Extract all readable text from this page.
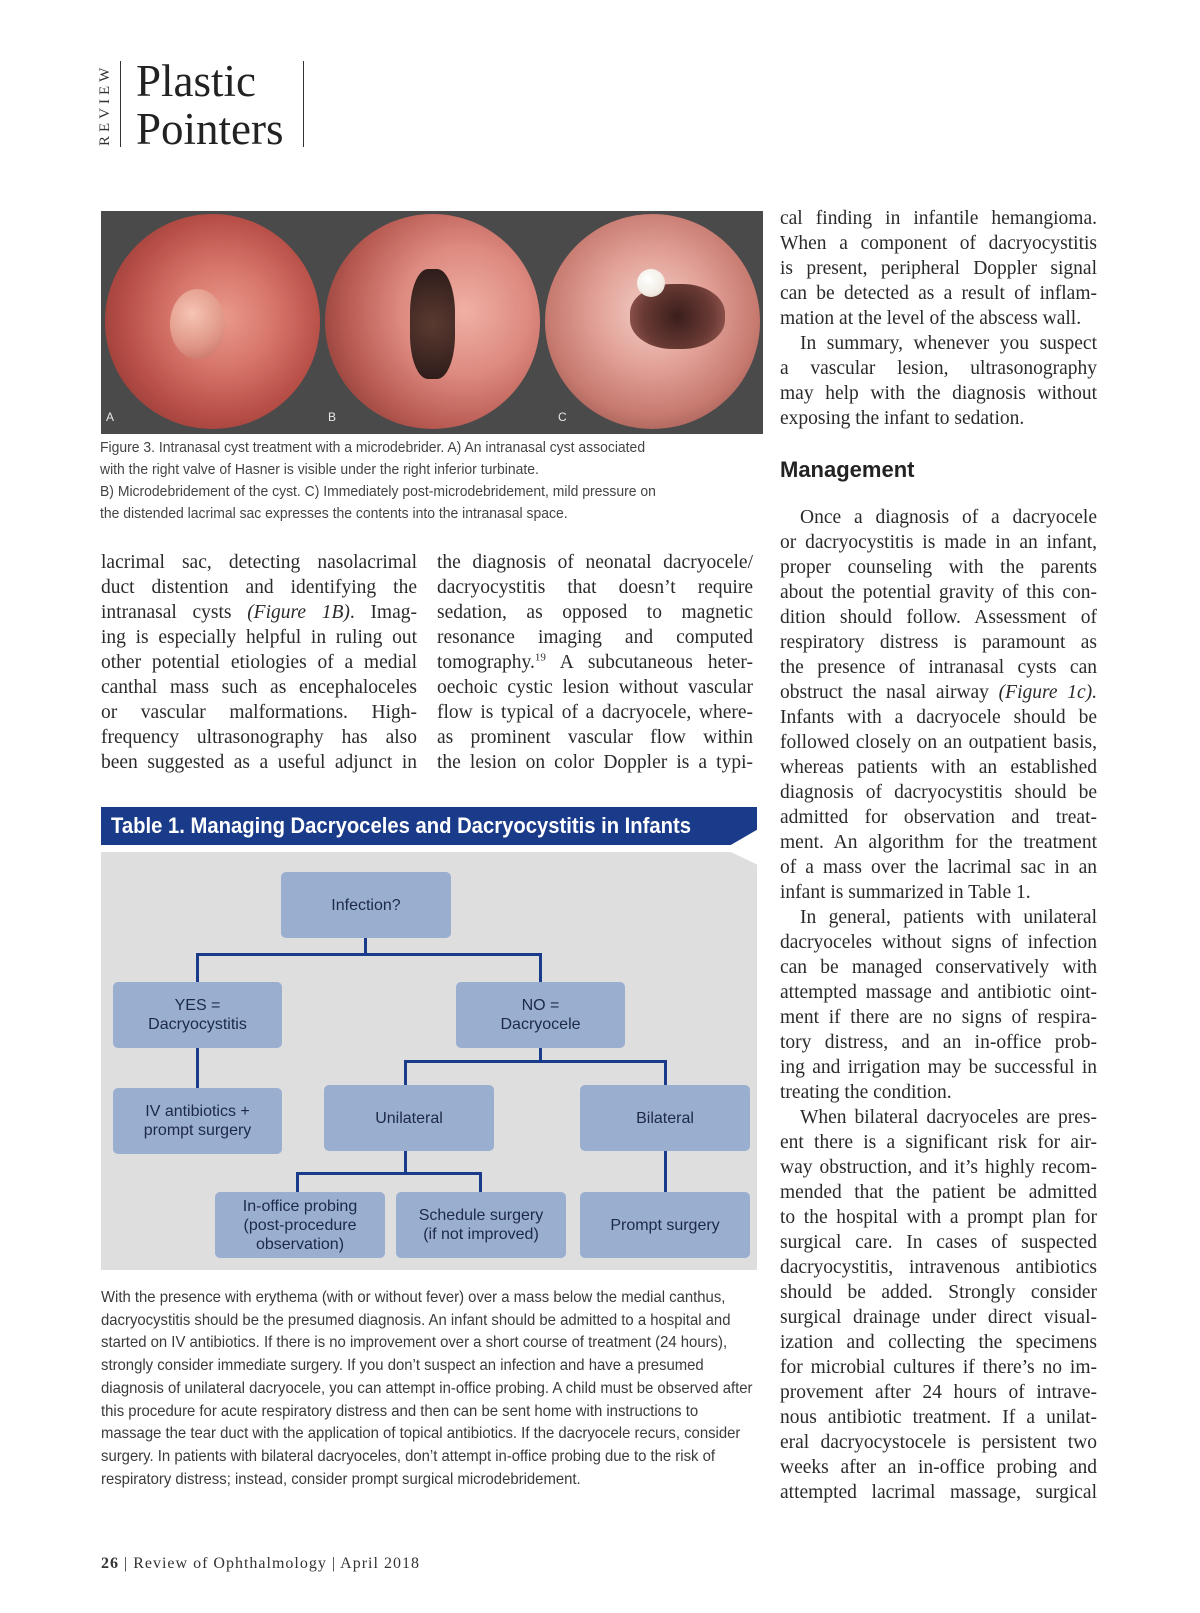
REVIEW Plastic
Pointers
A	B	C
Figure 3. Intranasal cyst treatment with a microdebrider. A) An intranasal cyst associated
with the right valve of Hasner is visible under the right inferior turbinate.
B) Microdebridement of the cyst. C) Immediately post-microdebridement, mild pressure on
the distended lacrimal sac expresses the contents into the intranasal space.
lacrimal sac, detecting nasolacrimal
duct distention and identifying the
intranasal cysts (Figure 1B). Imag-
ing is especially helpful in ruling out
other potential etiologies of a medial
canthal mass such as encephaloceles
or vascular malformations. High-
frequency ultrasonography has also
been suggested as a useful adjunct in
the diagnosis of neonatal dacryocele/
dacryocystitis that doesn’t require
sedation, as opposed to magnetic
resonance imaging and computed
tomography.$^{19}$ A subcutaneous heter-
oechoic cystic lesion without vascular
flow is typical of a dacryocele, where-
as prominent vascular flow within
the lesion on color Doppler is a typi-
cal finding in infantile hemangioma.
When a component of dacryocystitis
is present, peripheral Doppler signal
can be detected as a result of inflam-
mation at the level of the abscess wall.
In summary, whenever you suspect
a vascular lesion, ultrasonography
may help with the diagnosis without
exposing the infant to sedation.
Management
Once a diagnosis of a dacryocele
or dacryocystitis is made in an infant,
proper counseling with the parents
about the potential gravity of this con-
dition should follow. Assessment of
respiratory distress is paramount as
the presence of intranasal cysts can
obstruct the nasal airway (Figure 1c).
Infants with a dacryocele should be
followed closely on an outpatient basis,
whereas patients with an established
diagnosis of dacryocystitis should be
admitted for observation and treat-
ment. An algorithm for the treatment
of a mass over the lacrimal sac in an
infant is summarized in Table 1.
In general, patients with unilateral
dacryoceles without signs of infection
can be managed conservatively with
attempted massage and antibiotic oint-
ment if there are no signs of respira-
tory distress, and an in-office prob-
ing and irrigation may be successful in
treating the condition.
When bilateral dacryoceles are pres-
ent there is a significant risk for air-
way obstruction, and it’s highly recom-
mended that the patient be admitted
to the hospital with a prompt plan for
surgical care. In cases of suspected
dacryocystitis, intravenous antibiotics
should be added. Strongly consider
surgical drainage under direct visual-
ization and collecting the specimens
for microbial cultures if there’s no im-
provement after 24 hours of intrave-
nous antibiotic treatment. If a unilat-
eral dacryocystocele is persistent two
weeks after an in-office probing and
attempted lacrimal massage, surgical
Table 1. Managing Dacryoceles and Dacryocystitis in Infants
Infection?
YES =
Dacryocystitis
NO =
Dacryocele
IV antibiotics +
prompt surgery
Unilateral	Bilateral
In-office probing
(post-procedure
observation)
Schedule surgery
(if not improved)
Prompt surgery
With the presence with erythema (with or without fever) over a mass below the medial canthus, dacryocystitis should be the presumed diagnosis. An infant should be admitted to a hospital and started on IV antibiotics. If there is no improvement over a short course of treatment (24 hours), strongly consider immediate surgery. If you don’t suspect an infection and have a presumed diagnosis of unilateral dacryocele, you can attempt in-office probing. A child must be observed after this procedure for acute respiratory distress and then can be sent home with instructions to massage the tear duct with the application of topical antibiotics. If the dacryocele recurs, consider surgery. In patients with bilateral dacryoceles, don’t attempt in-office probing due to the risk of respiratory distress; instead, consider prompt surgical microdebridement.
26 | Review of Ophthalmology | April 2018
